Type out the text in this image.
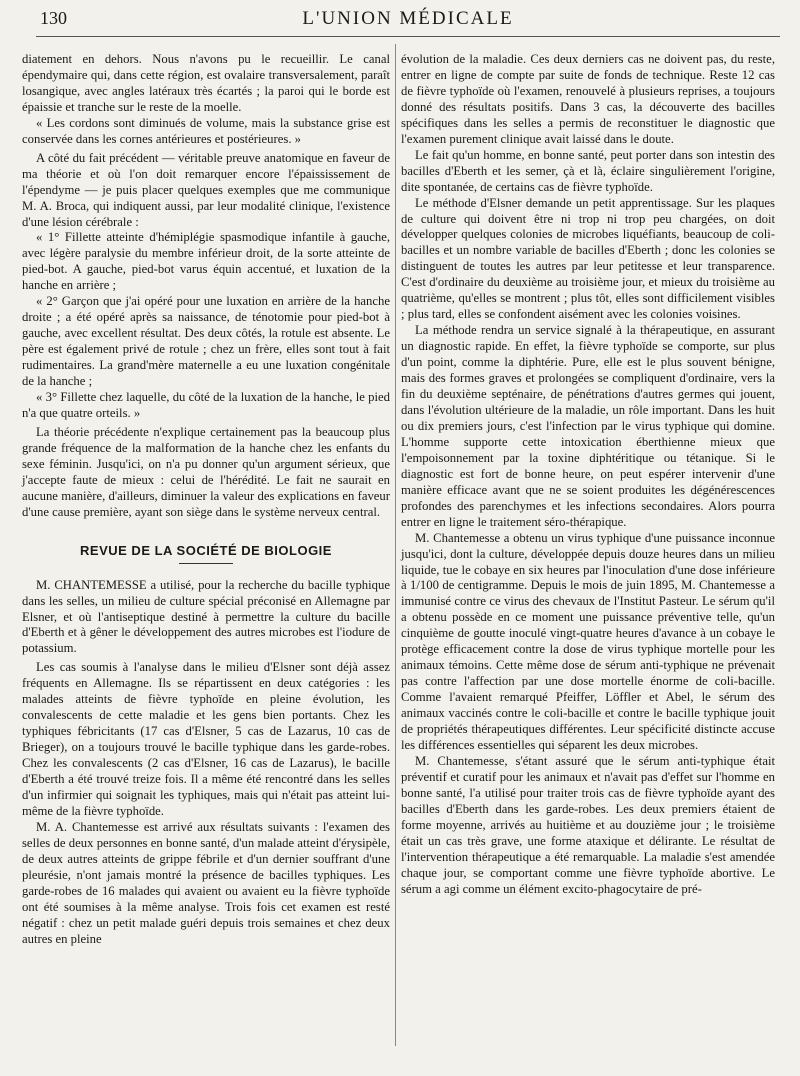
130	L'UNION MÉDICALE

diatement en dehors. Nous n'avons pu le recueillir. Le canal épendymaire qui, dans cette région, est ovalaire transversalement, paraît losangique, avec angles latéraux très écartés ; la paroi qui le borde est épaissie et tranche sur le reste de la moelle.

« Les cordons sont diminués de volume, mais la substance grise est conservée dans les cornes antérieures et postérieures. »

A côté du fait précédent — véritable preuve anatomique en faveur de ma théorie et où l'on doit remarquer encore l'épaississement de l'épendyme — je puis placer quelques exemples que me communique M. A. Broca, qui indiquent aussi, par leur modalité clinique, l'existence d'une lésion cérébrale :

« 1° Fillette atteinte d'hémiplégie spasmodique infantile à gauche, avec légère paralysie du membre inférieur droit, de la sorte atteinte de pied-bot. A gauche, pied-bot varus équin accentué, et luxation de la hanche en arrière ;

« 2° Garçon que j'ai opéré pour une luxation en arrière de la hanche droite ; a été opéré après sa naissance, de ténotomie pour pied-bot à gauche, avec excellent résultat. Des deux côtés, la rotule est absente. Le père est également privé de rotule ; chez un frère, elles sont tout à fait rudimentaires. La grand'mère maternelle a eu une luxation congénitale de la hanche ;

« 3° Fillette chez laquelle, du côté de la luxation de la hanche, le pied n'a que quatre orteils. »

La théorie précédente n'explique certainement pas la beaucoup plus grande fréquence de la malformation de la hanche chez les enfants du sexe féminin. Jusqu'ici, on n'a pu donner qu'un argument sérieux, que j'accepte faute de mieux : celui de l'hérédité. Le fait ne saurait en aucune manière, d'ailleurs, diminuer la valeur des explications en faveur d'une cause première, ayant son siège dans le système nerveux central.

REVUE DE LA SOCIÉTÉ DE BIOLOGIE

M. CHANTEMESSE a utilisé, pour la recherche du bacille typhique dans les selles, un milieu de culture spécial préconisé en Allemagne par Elsner, et où l'antiseptique destiné à permettre la culture du bacille d'Eberth et à gêner le développement des autres microbes est l'iodure de potassium.

Les cas soumis à l'analyse dans le milieu d'Elsner sont déjà assez fréquents en Allemagne. Ils se répartissent en deux catégories : les malades atteints de fièvre typhoïde en pleine évolution, les convalescents de cette maladie et les gens bien portants. Chez les typhiques fébricitants (17 cas d'Elsner, 5 cas de Lazarus, 10 cas de Brieger), on a toujours trouvé le bacille typhique dans les garde-robes. Chez les convalescents (2 cas d'Elsner, 16 cas de Lazarus), le bacille d'Eberth a été trouvé treize fois. Il a même été rencontré dans les selles d'un infirmier qui soignait les typhiques, mais qui n'était pas atteint lui-même de la fièvre typhoïde.

M. A. Chantemesse est arrivé aux résultats suivants : l'examen des selles de deux personnes en bonne santé, d'un malade atteint d'érysipèle, de deux autres atteints de grippe fébrile et d'un dernier souffrant d'une pleurésie, n'ont jamais montré la présence de bacilles typhiques. Les garde-robes de 16 malades qui avaient ou avaient eu la fièvre typhoïde ont été soumises à la même analyse. Trois fois cet examen est resté négatif : chez un petit malade guéri depuis trois semaines et chez deux autres en pleine

évolution de la maladie. Ces deux derniers cas ne doivent pas, du reste, entrer en ligne de compte par suite de fonds de technique. Reste 12 cas de fièvre typhoïde où l'examen, renouvelé à plusieurs reprises, a toujours donné des résultats positifs. Dans 3 cas, la découverte des bacilles spécifiques dans les selles a permis de reconstituer le diagnostic que l'examen purement clinique avait laissé dans le doute.

Le fait qu'un homme, en bonne santé, peut porter dans son intestin des bacilles d'Eberth et les semer, çà et là, éclaire singulièrement l'origine, dite spontanée, de certains cas de fièvre typhoïde.

Le méthode d'Elsner demande un petit apprentissage. Sur les plaques de culture qui doivent être ni trop ni trop peu chargées, on doit développer quelques colonies de microbes liquéfiants, beaucoup de coli-bacilles et un nombre variable de bacilles d'Eberth ; donc les colonies se distinguent de toutes les autres par leur petitesse et leur transparence. C'est d'ordinaire du deuxième au troisième jour, et mieux du troisième au quatrième, qu'elles se montrent ; plus tôt, elles sont difficilement visibles ; plus tard, elles se confondent aisément avec les colonies voisines.

La méthode rendra un service signalé à la thérapeutique, en assurant un diagnostic rapide. En effet, la fièvre typhoïde se comporte, sur plus d'un point, comme la diphtérie. Pure, elle est le plus souvent bénigne, mais des formes graves et prolongées se compliquent d'ordinaire, vers la fin du deuxième septénaire, de pénétrations d'autres germes qui jouent, dans l'évolution ultérieure de la maladie, un rôle important. Dans les huit ou dix premiers jours, c'est l'infection par le virus typhique qui domine. L'homme supporte cette intoxication éberthienne mieux que l'empoisonnement par la toxine diphtéritique ou tétanique. Si le diagnostic est fort de bonne heure, on peut espérer intervenir d'une manière efficace avant que ne se soient produites les dégénérescences profondes des parenchymes et les infections secondaires. Alors pourra entrer en ligne le traitement séro-thérapique.

M. Chantemesse a obtenu un virus typhique d'une puissance inconnue jusqu'ici, dont la culture, développée depuis douze heures dans un milieu liquide, tue le cobaye en six heures par l'inoculation d'une dose inférieure à 1/100 de centigramme. Depuis le mois de juin 1895, M. Chantemesse a immunisé contre ce virus des chevaux de l'Institut Pasteur. Le sérum qu'il a obtenu possède en ce moment une puissance préventive telle, qu'un cinquième de goutte inoculé vingt-quatre heures d'avance à un cobaye le protège efficacement contre la dose de virus typhique mortelle pour les animaux témoins. Cette même dose de sérum anti-typhique ne prévenait pas contre l'affection par une dose mortelle énorme de coli-bacille. Comme l'avaient remarqué Pfeiffer, Löffler et Abel, le sérum des animaux vaccinés contre le coli-bacille et contre le bacille typhique jouit de propriétés thérapeutiques différentes. Leur spécificité distincte accuse les différences essentielles qui séparent les deux microbes.

M. Chantemesse, s'étant assuré que le sérum anti-typhique était préventif et curatif pour les animaux et n'avait pas d'effet sur l'homme en bonne santé, l'a utilisé pour traiter trois cas de fièvre typhoïde ayant des bacilles d'Eberth dans les garde-robes. Les deux premiers étaient de forme moyenne, arrivés au huitième et au douzième jour ; le troisième était un cas très grave, une forme ataxique et délirante. Le résultat de l'intervention thérapeutique a été remarquable. La maladie s'est amendée chaque jour, se comportant comme une fièvre typhoïde abortive. Le sérum a agi comme un élément excito-phagocytaire de pré-
